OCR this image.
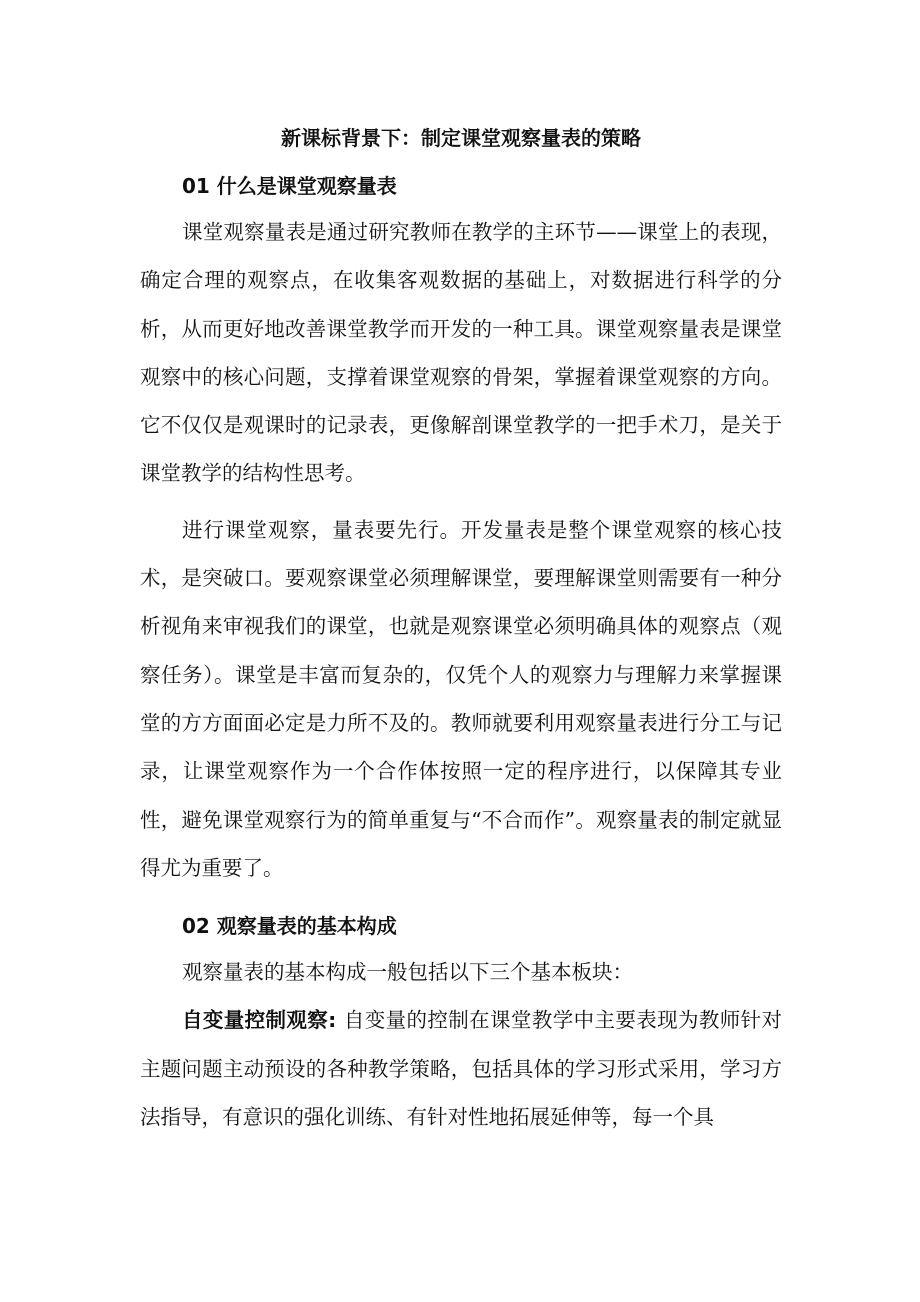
新课标背景下：制定课堂观察量表的策略
01 什么是课堂观察量表

课堂观察量表是通过研究教师在教学的主环节——课堂上的表现，确定合理的观察点，在收集客观数据的基础上，对数据进行科学的分析，从而更好地改善课堂教学而开发的一种工具。课堂观察量表是课堂观察中的核心问题，支撑着课堂观察的骨架，掌握着课堂观察的方向。它不仅仅是观课时的记录表，更像解剖课堂教学的一把手术刀，是关于课堂教学的结构性思考。

进行课堂观察，量表要先行。开发量表是整个课堂观察的核心技术，是突破口。要观察课堂必须理解课堂，要理解课堂则需要有一种分析视角来审视我们的课堂，也就是观察课堂必须明确具体的观察点（观察任务）。课堂是丰富而复杂的，仅凭个人的观察力与理解力来掌握课堂的方方面面必定是力所不及的。教师就要利用观察量表进行分工与记录，让课堂观察作为一个合作体按照一定的程序进行，以保障其专业性，避免课堂观察行为的简单重复与“不合而作”。观察量表的制定就显得尤为重要了。

02 观察量表的基本构成

观察量表的基本构成一般包括以下三个基本板块：

自变量控制观察: 自变量的控制在课堂教学中主要表现为教师针对主题问题主动预设的各种教学策略，包括具体的学习形式采用，学习方法指导，有意识的强化训练、有针对性地拓展延伸等，每一个具
